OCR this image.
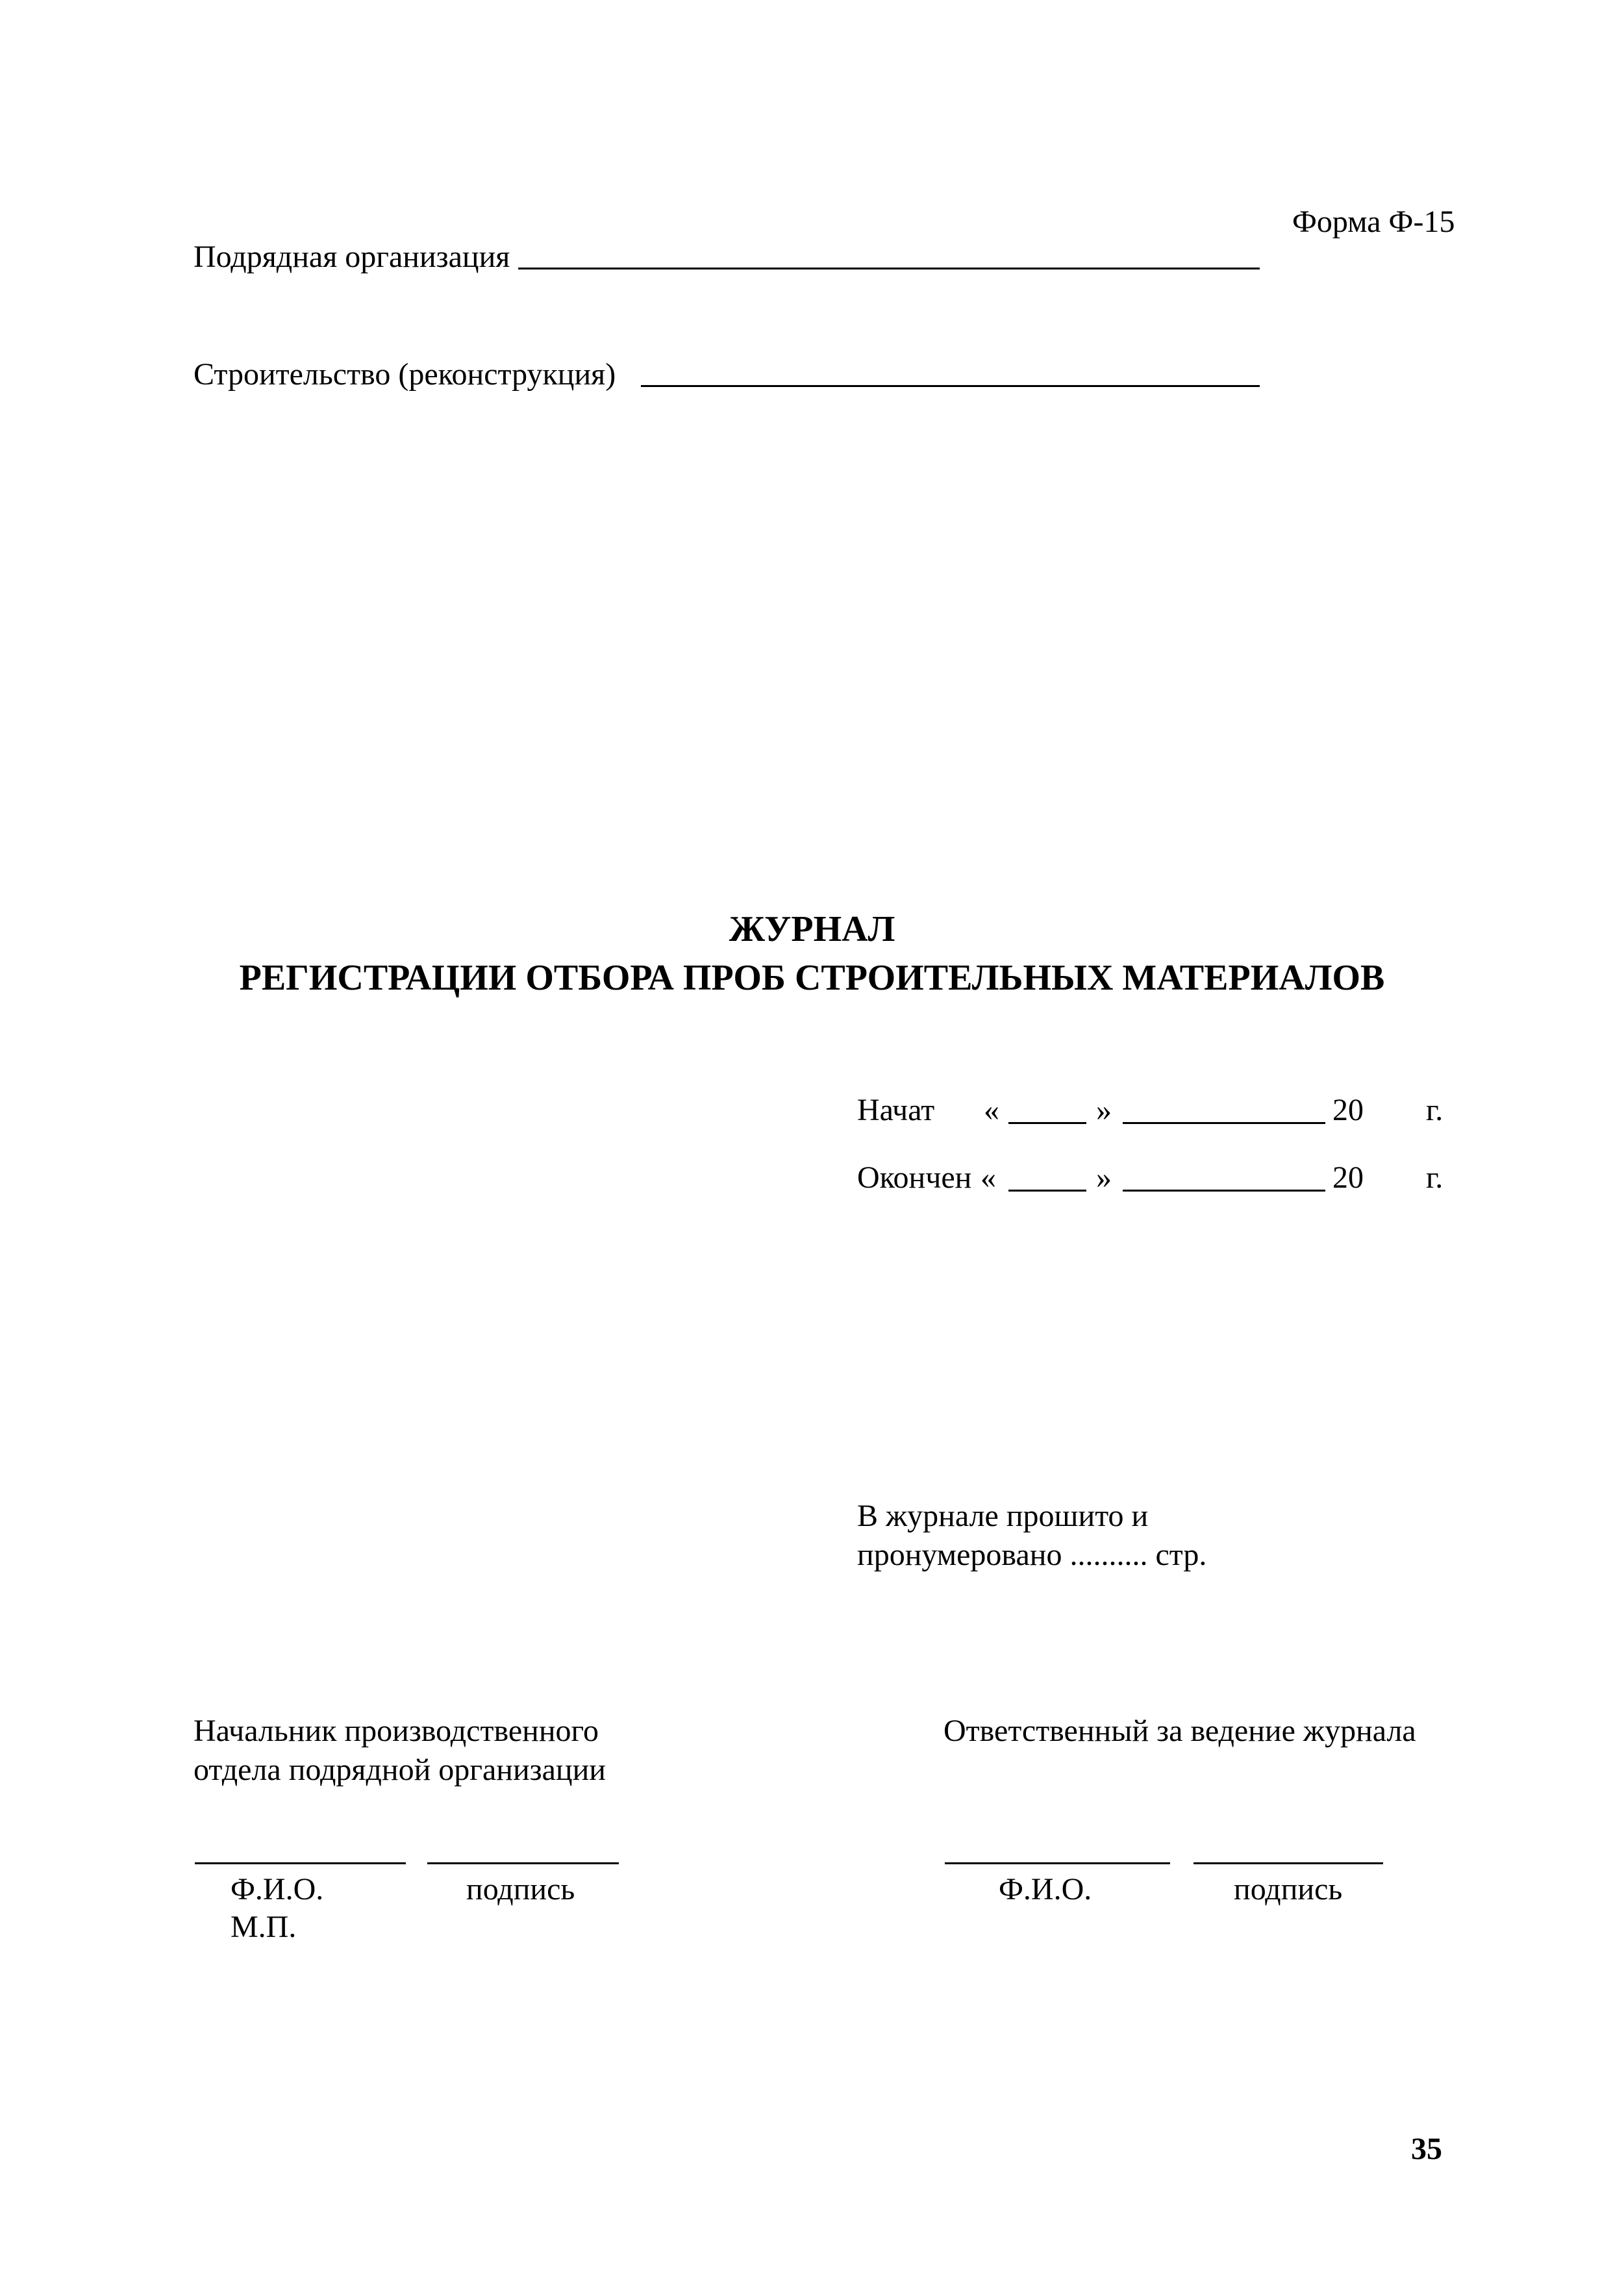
Форма Ф-15
Подрядная организация
Строительство (реконструкция)
ЖУРНАЛ
РЕГИСТРАЦИИ ОТБОРА ПРОБ СТРОИТЕЛЬНЫХ МАТЕРИАЛОВ
Начат «	»	20 г.
Окончен «	»	20 г.
В журнале прошито и
пронумеровано .......... стр.
Начальник производственного
отдела подрядной организации
Ф.И.О.	подпись
М.П.
Ответственный за ведение журнала
Ф.И.О.	подпись
35
